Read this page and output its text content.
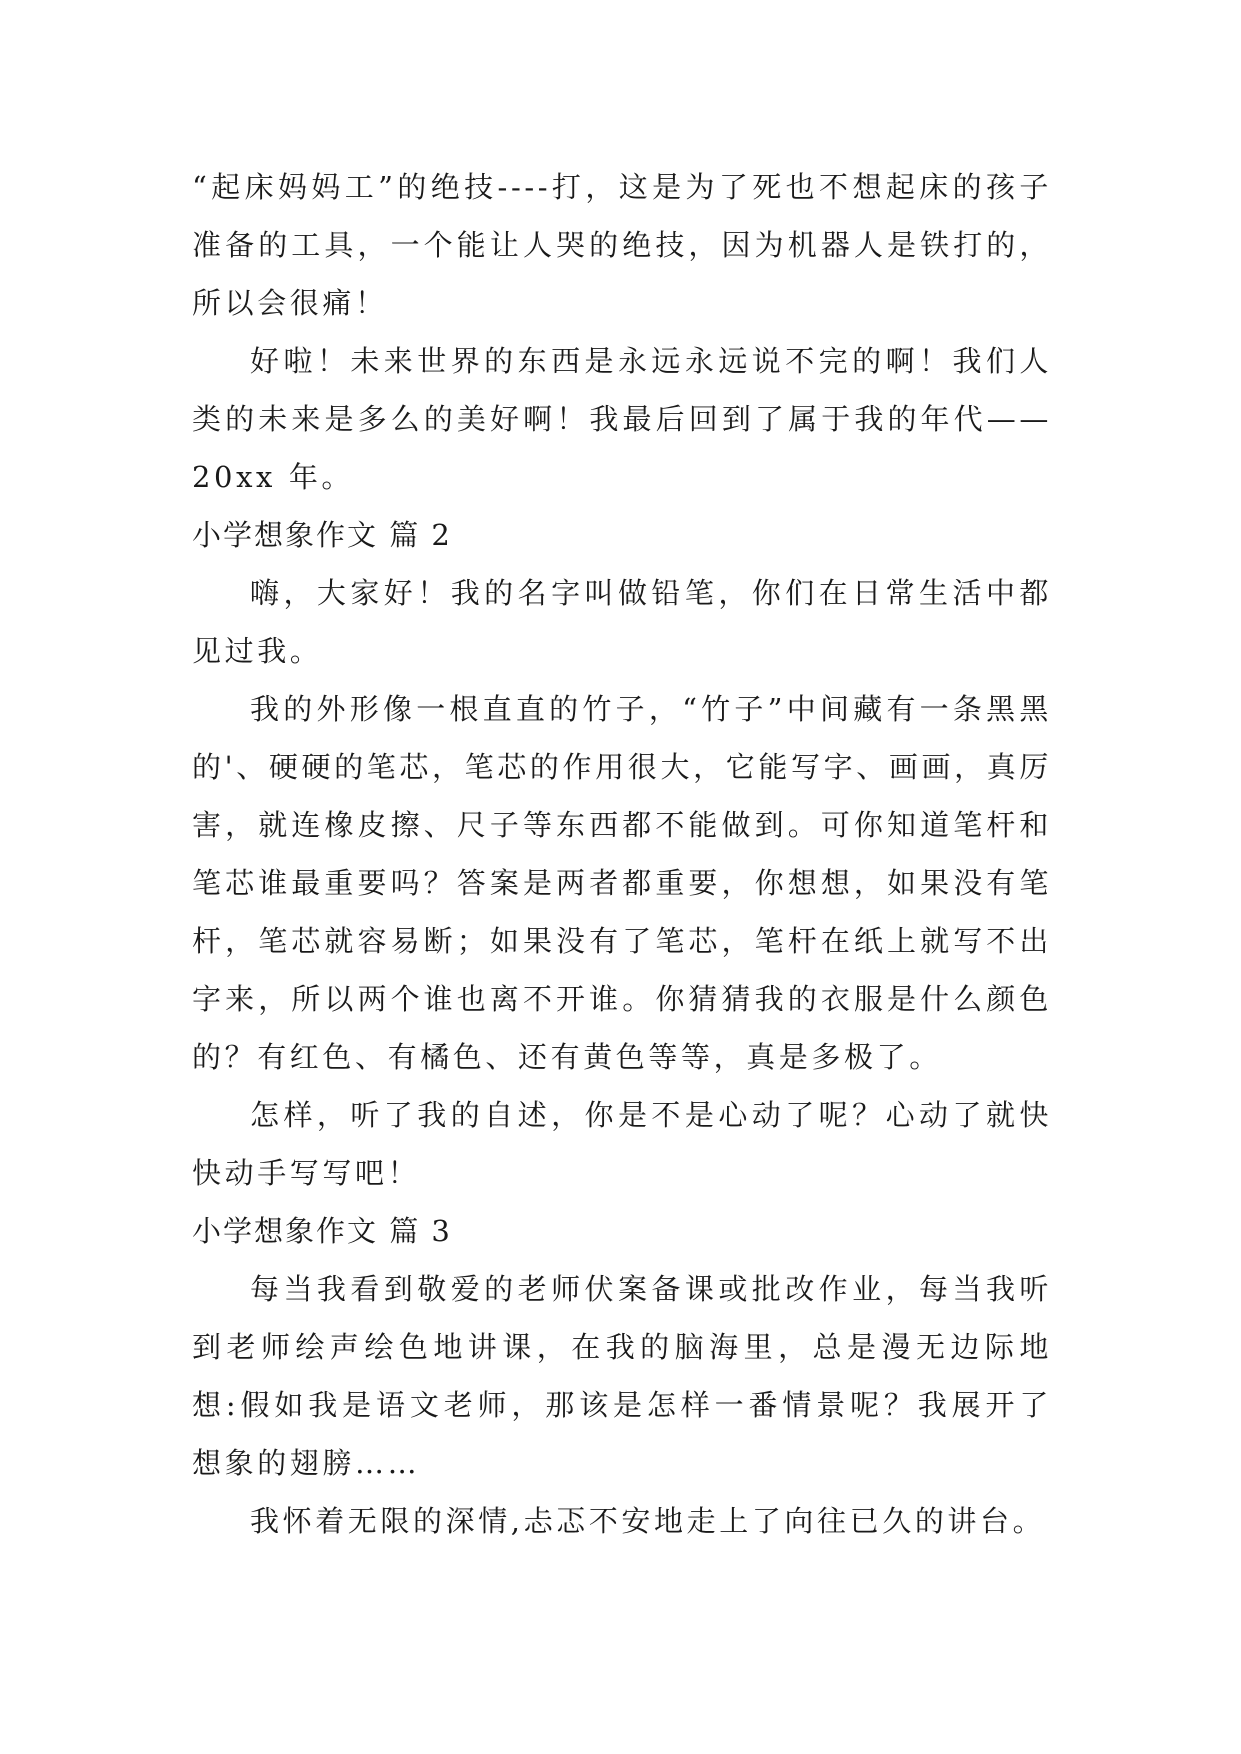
“起床妈妈工”的绝技----打，这是为了死也不想起床的孩子准备的工具，一个能让人哭的绝技，因为机器人是铁打的，所以会很痛！

好啦！未来世界的东西是永远永远说不完的啊！我们人类的未来是多么的美好啊！我最后回到了属于我的年代——20xx 年。

小学想象作文 篇 2

嗨，大家好！我的名字叫做铅笔，你们在日常生活中都见过我。

我的外形像一根直直的竹子，“竹子”中间藏有一条黑黑的'、硬硬的笔芯，笔芯的作用很大，它能写字、画画，真厉害，就连橡皮擦、尺子等东西都不能做到。可你知道笔杆和笔芯谁最重要吗？答案是两者都重要，你想想，如果没有笔杆，笔芯就容易断；如果没有了笔芯，笔杆在纸上就写不出字来，所以两个谁也离不开谁。你猜猜我的衣服是什么颜色的？有红色、有橘色、还有黄色等等，真是多极了。

怎样，听了我的自述，你是不是心动了呢？心动了就快快动手写写吧！

小学想象作文 篇 3

每当我看到敬爱的老师伏案备课或批改作业，每当我听到老师绘声绘色地讲课，在我的脑海里，总是漫无边际地想:假如我是语文老师，那该是怎样一番情景呢？我展开了想象的翅膀……

我怀着无限的深情,忐忑不安地走上了向往已久的讲台。
